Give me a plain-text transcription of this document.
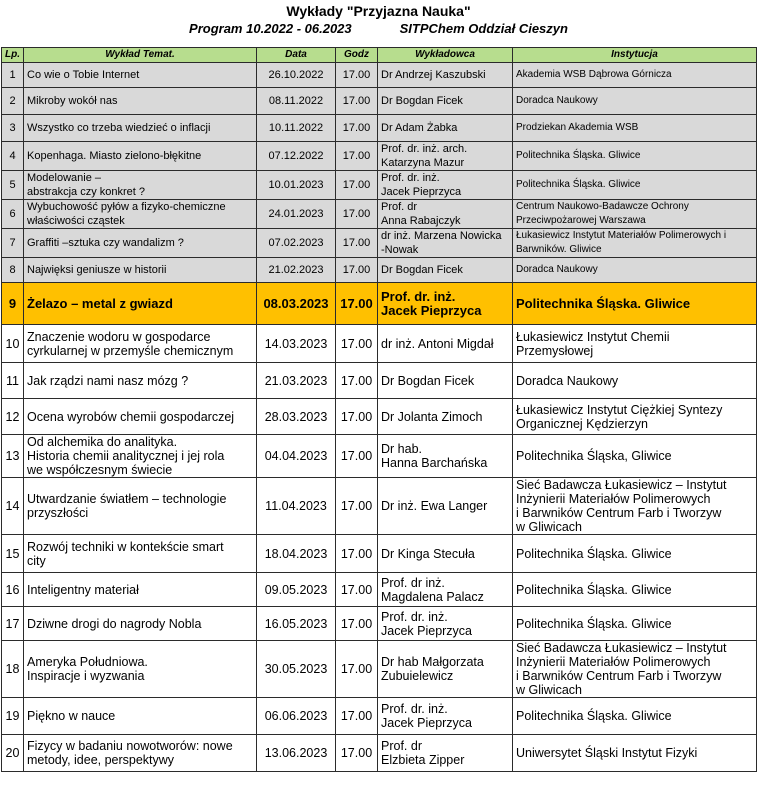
Wykłady "Przyjazna Nauka"
Program 10.2022 - 06.2023	SITPChem Oddział Cieszyn
Lp.	Wykład Temat.	Data	Godz	Wykładowca	Instytucja
1	Co wie o Tobie Internet	26.10.2022	17.00	Dr Andrzej Kaszubski	Akademia WSB Dąbrowa Górnicza
2	Mikroby wokół nas	08.11.2022	17.00	Dr Bogdan Ficek	Doradca Naukowy
3	Wszystko co trzeba wiedzieć o inflacji	10.11.2022	17.00	Dr Adam Żabka	Prodziekan Akademia WSB
4	Kopenhaga. Miasto zielono-błękitne	07.12.2022	17.00	Prof. dr. inż. arch.
Katarzyna Mazur	Politechnika Śląska. Gliwice
5	Modelowanie –
abstrakcja czy konkret ?	10.01.2023	17.00	Prof. dr. inż.
Jacek Pieprzyca	Politechnika Śląska. Gliwice
6	Wybuchowość pyłów a fizyko-chemiczne
właściwości cząstek	24.01.2023	17.00	Prof. dr
Anna Rabajczyk	Centrum Naukowo-Badawcze Ochrony
Przeciwpożarowej Warszawa
7	Graffiti –sztuka czy wandalizm ?	07.02.2023	17.00	dr inż. Marzena Nowicka
-Nowak	Łukasiewicz Instytut Materiałów Polimerowych i
Barwników. Gliwice
8	Najwięksi geniusze w historii	21.02.2023	17.00	Dr Bogdan Ficek	Doradca Naukowy
9	Żelazo – metal z gwiazd	08.03.2023	17.00	Prof. dr. inż.
Jacek Pieprzyca	Politechnika Śląska. Gliwice
10	Znaczenie wodoru w gospodarce
cyrkularnej w przemyśle chemicznym	14.03.2023	17.00	dr inż. Antoni Migdał	Łukasiewicz Instytut Chemii
Przemysłowej
11	Jak rządzi nami nasz mózg ?	21.03.2023	17.00	Dr Bogdan Ficek	Doradca Naukowy
12	Ocena wyrobów chemii gospodarczej	28.03.2023	17.00	Dr Jolanta Zimoch	Łukasiewicz Instytut Ciężkiej Syntezy
Organicznej Kędzierzyn
13	Od alchemika do analityka.
Historia chemii analitycznej i jej rola
we współczesnym świecie	04.04.2023	17.00	Dr hab.
Hanna Barchańska	Politechnika Śląska, Gliwice
14	Utwardzanie światłem – technologie
przyszłości	11.04.2023	17.00	Dr inż. Ewa Langer	Sieć Badawcza Łukasiewicz – Instytut
Inżynierii Materiałów Polimerowych
i Barwników Centrum Farb i Tworzyw
w Gliwicach
15	Rozwój techniki w kontekście smart
city	18.04.2023	17.00	Dr Kinga Stecuła	Politechnika Śląska. Gliwice
16	Inteligentny materiał	09.05.2023	17.00	Prof. dr inż.
Magdalena Palacz	Politechnika Śląska. Gliwice
17	Dziwne drogi do nagrody Nobla	16.05.2023	17.00	Prof. dr. inż.
Jacek Pieprzyca	Politechnika Śląska. Gliwice
18	Ameryka Południowa.
Inspiracje i wyzwania	30.05.2023	17.00	Dr hab Małgorzata
Zubuielewicz	Sieć Badawcza Łukasiewicz – Instytut
Inżynierii Materiałów Polimerowych
i Barwników Centrum Farb i Tworzyw
w Gliwicach
19	Piękno w nauce	06.06.2023	17.00	Prof. dr. inż.
Jacek Pieprzyca	Politechnika Śląska. Gliwice
20	Fizycy w badaniu nowotworów: nowe
metody, idee, perspektywy	13.06.2023	17.00	Prof. dr
Elzbieta Zipper	Uniwersytet Śląski Instytut Fizyki
